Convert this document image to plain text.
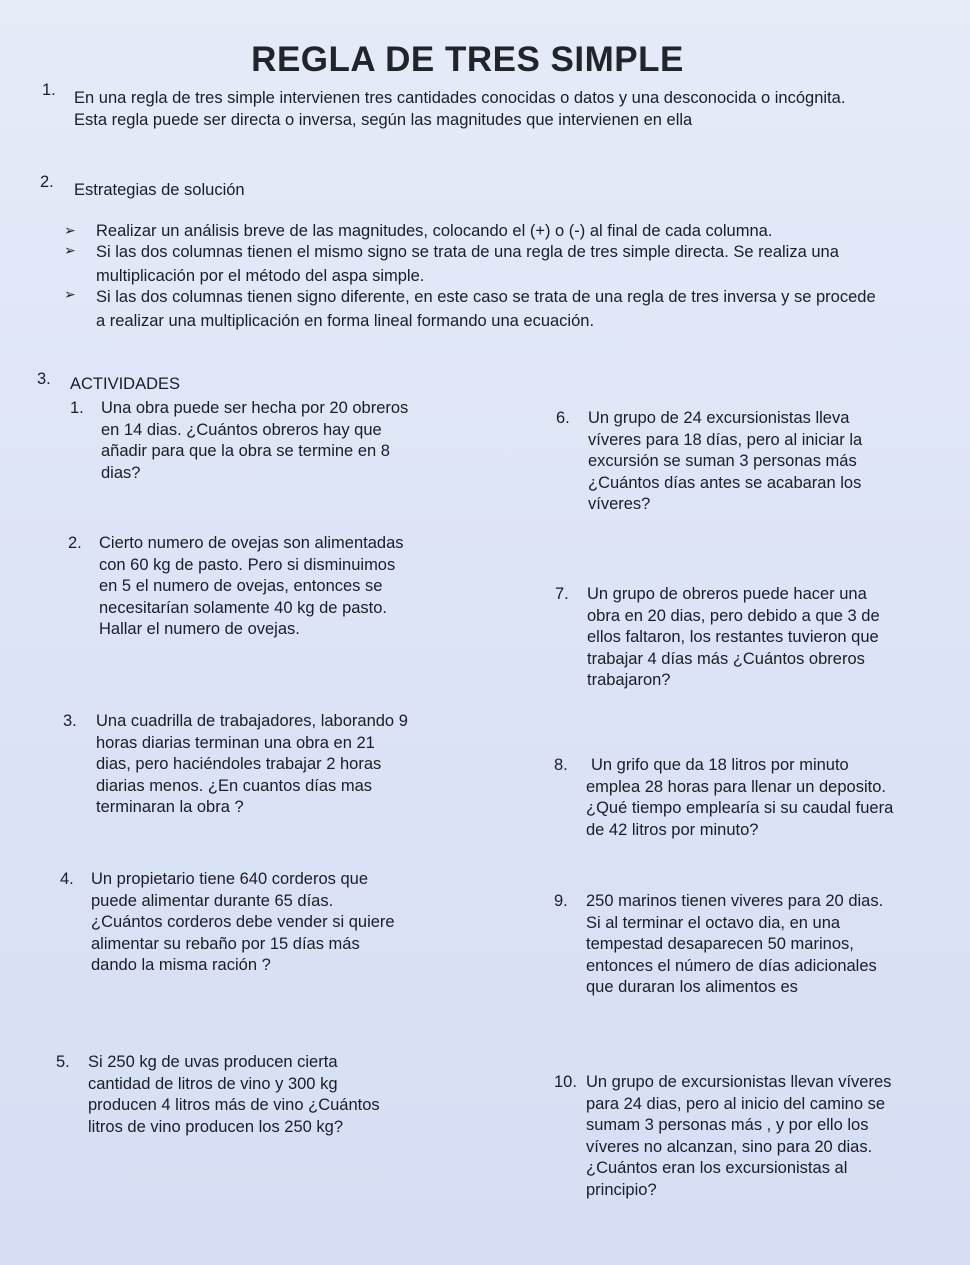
REGLA DE TRES SIMPLE
1. En una regla de tres simple intervienen tres cantidades conocidas o datos y una desconocida o incógnita.
Esta regla puede ser directa o inversa, según las magnitudes que intervienen en ella
2. Estrategias de solución
➢ Realizar un análisis breve de las magnitudes, colocando el (+) o (-) al final de cada columna.
➢ Si las dos columnas tienen el mismo signo se trata de una regla de tres simple directa. Se realiza una
multiplicación por el método del aspa simple.
➢ Si las dos columnas tienen signo diferente, en este caso se trata de una regla de tres inversa y se procede
a realizar una multiplicación en forma lineal formando una ecuación.
3. ACTIVIDADES
1. Una obra puede ser hecha por 20 obreros
en 14 dias. ¿Cuántos obreros hay que
añadir para que la obra se termine en 8
dias?
2. Cierto numero de ovejas son alimentadas
con 60 kg de pasto. Pero si disminuimos
en 5 el numero de ovejas, entonces se
necesitarían solamente 40 kg de pasto.
Hallar el numero de ovejas.
3. Una cuadrilla de trabajadores, laborando 9
horas diarias terminan una obra en 21
dias, pero haciéndoles trabajar 2 horas
diarias menos. ¿En cuantos días mas
terminaran la obra ?
4. Un propietario tiene 640 corderos que
puede alimentar durante 65 días.
¿Cuántos corderos debe vender si quiere
alimentar su rebaño por 15 días más
dando la misma ración ?
5. Si 250 kg de uvas producen cierta
cantidad de litros de vino y 300 kg
producen 4 litros más de vino ¿Cuántos
litros de vino producen los 250 kg?
6. Un grupo de 24 excursionistas lleva
víveres para 18 días, pero al iniciar la
excursión se suman 3 personas más
¿Cuántos días antes se acabaran los
víveres?
7. Un grupo de obreros puede hacer una
obra en 20 dias, pero debido a que 3 de
ellos faltaron, los restantes tuvieron que
trabajar 4 días más ¿Cuántos obreros
trabajaron?
8.	Un grifo que da 18 litros por minuto
emplea 28 horas para llenar un deposito.
¿Qué tiempo emplearía si su caudal fuera
de 42 litros por minuto?
9. 250 marinos tienen viveres para 20 dias.
Si al terminar el octavo dia, en una
tempestad desaparecen 50 marinos,
entonces el número de días adicionales
que duraran los alimentos es
10. Un grupo de excursionistas llevan víveres
para 24 dias, pero al inicio del camino se
sumam 3 personas más , y por ello los
víveres no alcanzan, sino para 20 dias.
¿Cuántos eran los excursionistas al
principio?
